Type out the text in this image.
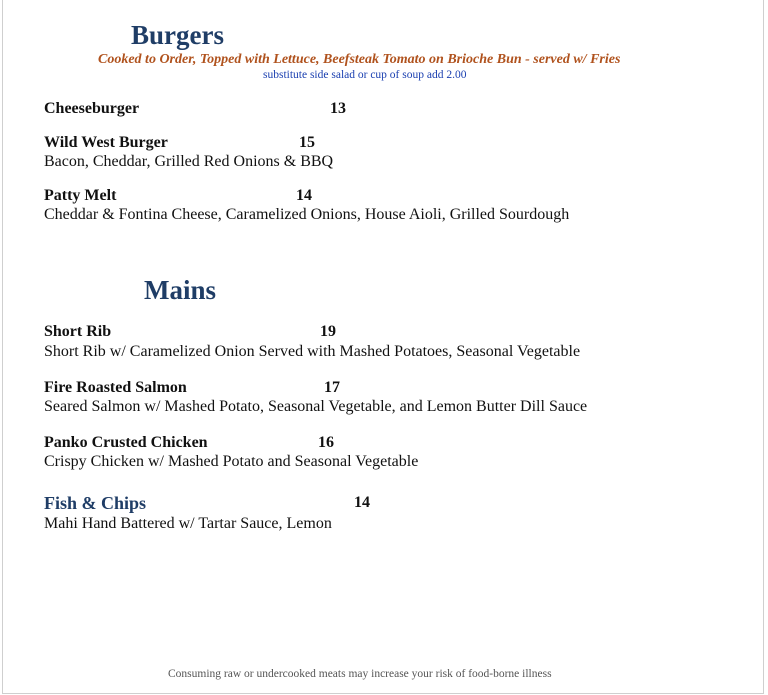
Burgers
Cooked to Order, Topped with Lettuce, Beefsteak Tomato on Brioche Bun - served w/ Fries
substitute side salad or cup of soup add 2.00
Cheeseburger	13
Wild West Burger	15
Bacon, Cheddar, Grilled Red Onions & BBQ
Patty Melt	14
Cheddar & Fontina Cheese, Caramelized Onions, House Aioli, Grilled Sourdough
Mains
Short Rib	19
Short Rib w/ Caramelized Onion Served with Mashed Potatoes, Seasonal Vegetable
Fire Roasted Salmon	17
Seared Salmon w/ Mashed Potato, Seasonal Vegetable, and Lemon Butter Dill Sauce
Panko Crusted Chicken	16
Crispy Chicken w/ Mashed Potato and Seasonal Vegetable
Fish & Chips	14
Mahi Hand Battered w/ Tartar Sauce, Lemon
Consuming raw or undercooked meats may increase your risk of food-borne illness
